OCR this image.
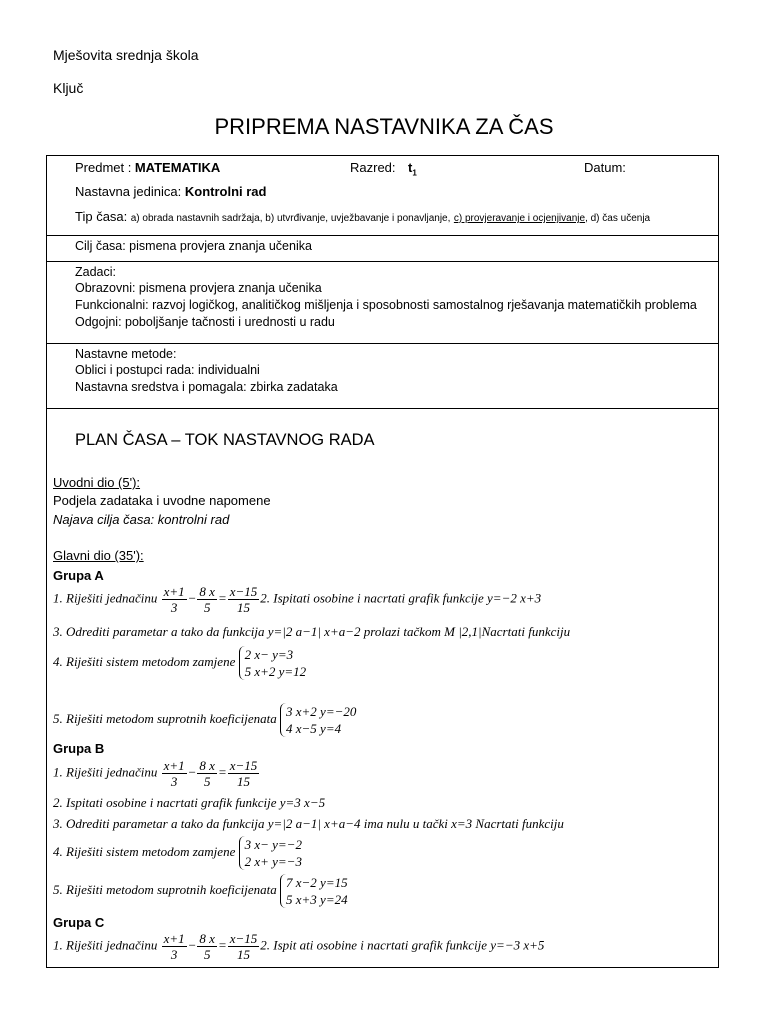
Mješovita srednja škola
Ključ
PRIPREMA NASTAVNIKA ZA ČAS
Predmet : MATEMATIKA	Razred: $t_1$	Datum:
Nastavna jedinica: Kontrolni rad
Tip časa: a) obrada nastavnih sadržaja, b) utvrđivanje, uvježbavanje i ponavljanje, c) provjeravanje i ocjenjivanje, d) čas učenja
Cilj časa: pismena provjera znanja učenika
Zadaci:
Obrazovni: pismena provjera znanja učenika
Funkcionalni: razvoj logičkog, analitičkog mišljenja i sposobnosti samostalnog rješavanja matematičkih problema
Odgojni: poboljšanje tačnosti i urednosti u radu
Nastavne metode:
Oblici i postupci rada: individualni
Nastavna sredstva i pomagala: zbirka zadataka
PLAN ČASA – TOK NASTAVNOG RADA
Uvodni dio (5'):
Podjela zadataka i uvodne napomene
Najava cilja časa: kontrolni rad
Glavni dio (35'):
Grupa A
1. Riješiti jednačinu $\frac{x+1}{3} - \frac{8 x}{5} = \frac{x-15}{15} 2$. Ispitati osobine i nacrtati grafik funkcije y=−2 x+3
3. Odrediti parametar a tako da funkcija y=|2 a−1| x+a−2 prolazi tačkom M |2,1|Nacrtati funkciju
4. Riješiti sistem metodom zamjene 2 x− y=3
5 x+2 y=12
5. Riješiti metodom suprotnih koeficijenata 3 x+2 y=−20
4 x−5 y=4
Grupa B
1. Riješiti jednačinu $\frac{x+1}{3} - \frac{8 x}{5} = \frac{x-15}{15}$
2. Ispitati osobine i nacrtati grafik funkcije y=3 x−5
3. Odrediti parametar a tako da funkcija y=|2 a−1| x+a−4 ima nulu u tački x=3 Nacrtati funkciju
4. Riješiti sistem metodom zamjene 3 x− y=−2
2 x+ y=−3
5. Riješiti metodom suprotnih koeficijenata 7 x−2 y=15
5 x+3 y=24
Grupa C
1. Riješiti jednačinu $\frac{x+1}{3} - \frac{8 x}{5} = \frac{x-15}{15} 2$. Ispit ati osobine i nacrtati grafik funkcije y=−3 x+5
